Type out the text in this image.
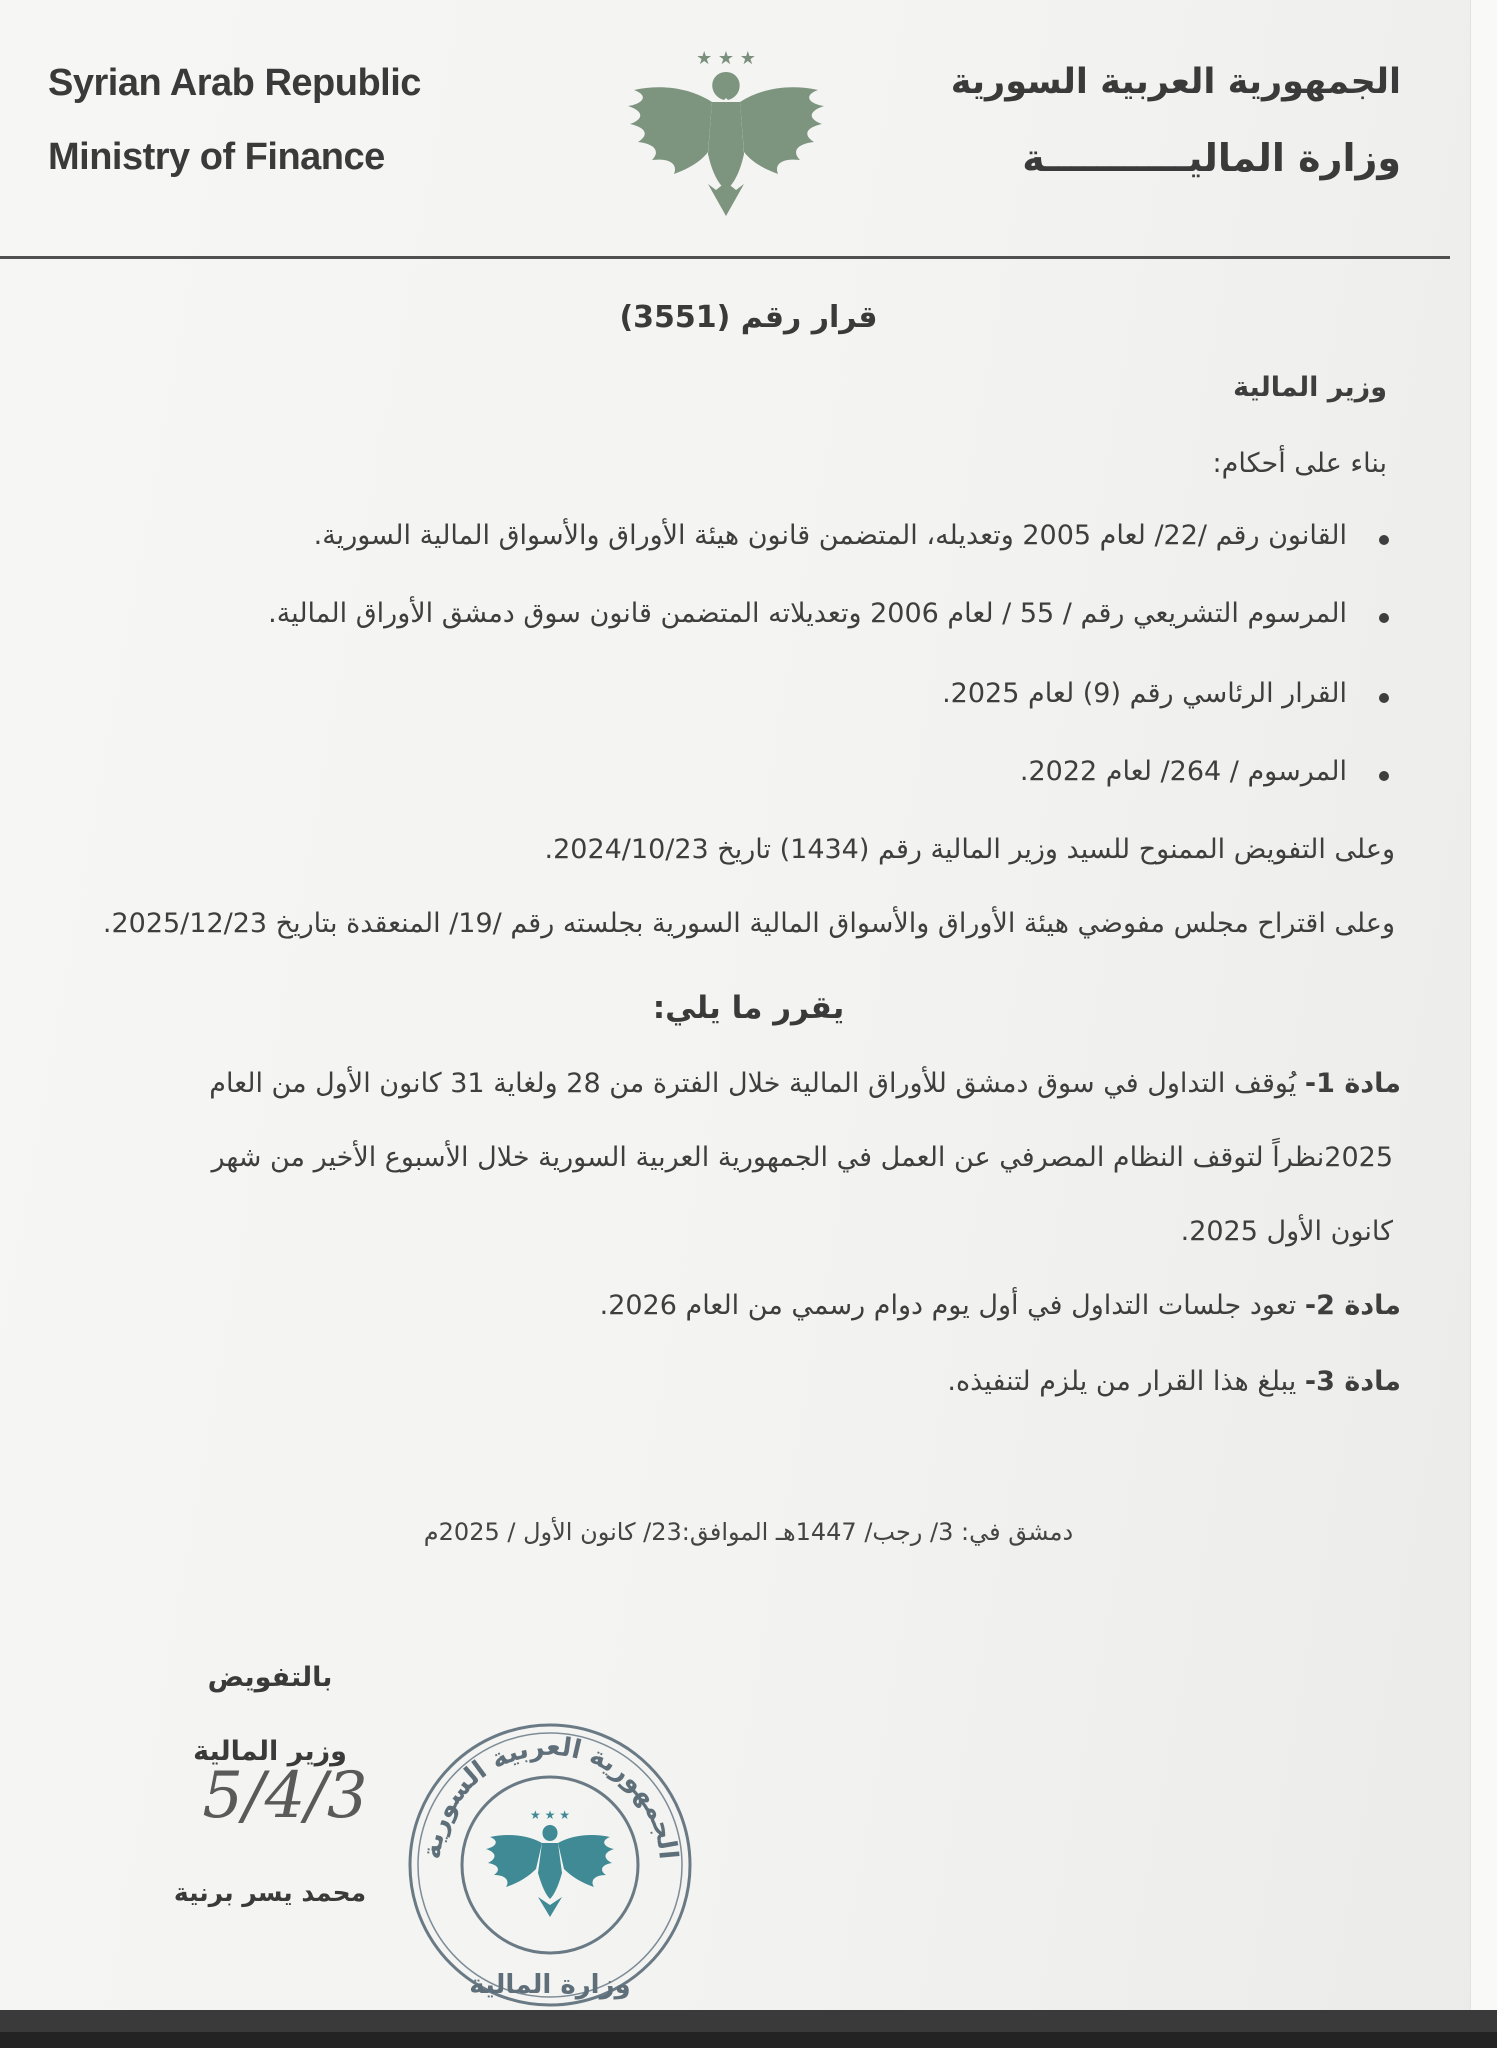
Syrian Arab Republic
Ministry of Finance
الجمهورية العربية السورية
وزارة الماليـــــــــــة
★ ★ ★
قرار رقم (3551)
وزير المالية
بناء على أحكام:
القانون رقم /22/ لعام 2005 وتعديله، المتضمن قانون هيئة الأوراق والأسواق المالية السورية.
المرسوم التشريعي رقم / 55 / لعام 2006 وتعديلاته المتضمن قانون سوق دمشق الأوراق المالية.
القرار الرئاسي رقم (9) لعام 2025.
المرسوم / 264/ لعام 2022.
وعلى التفويض الممنوح للسيد وزير المالية رقم (1434) تاريخ 2024/10/23.
وعلى اقتراح مجلس مفوضي هيئة الأوراق والأسواق المالية السورية بجلسته رقم /19/ المنعقدة بتاريخ 2025/12/23.
يقرر ما يلي:
مادة 1- يُوقف التداول في سوق دمشق للأوراق المالية خلال الفترة من 28 ولغاية 31 كانون الأول من العام
2025نظراً لتوقف النظام المصرفي عن العمل في الجمهورية العربية السورية خلال الأسبوع الأخير من شهر
كانون الأول 2025.
مادة 2- تعود جلسات التداول في أول يوم دوام رسمي من العام 2026.
مادة 3- يبلغ هذا القرار من يلزم لتنفيذه.
دمشق في: 3/ رجب/ 1447هـ الموافق:23/ كانون الأول / 2025م
بالتفويض
وزير المالية
5/4/3
محمد يسر برنية
الجمهورية العربية السورية
وزارة المالية
★ ★ ★
